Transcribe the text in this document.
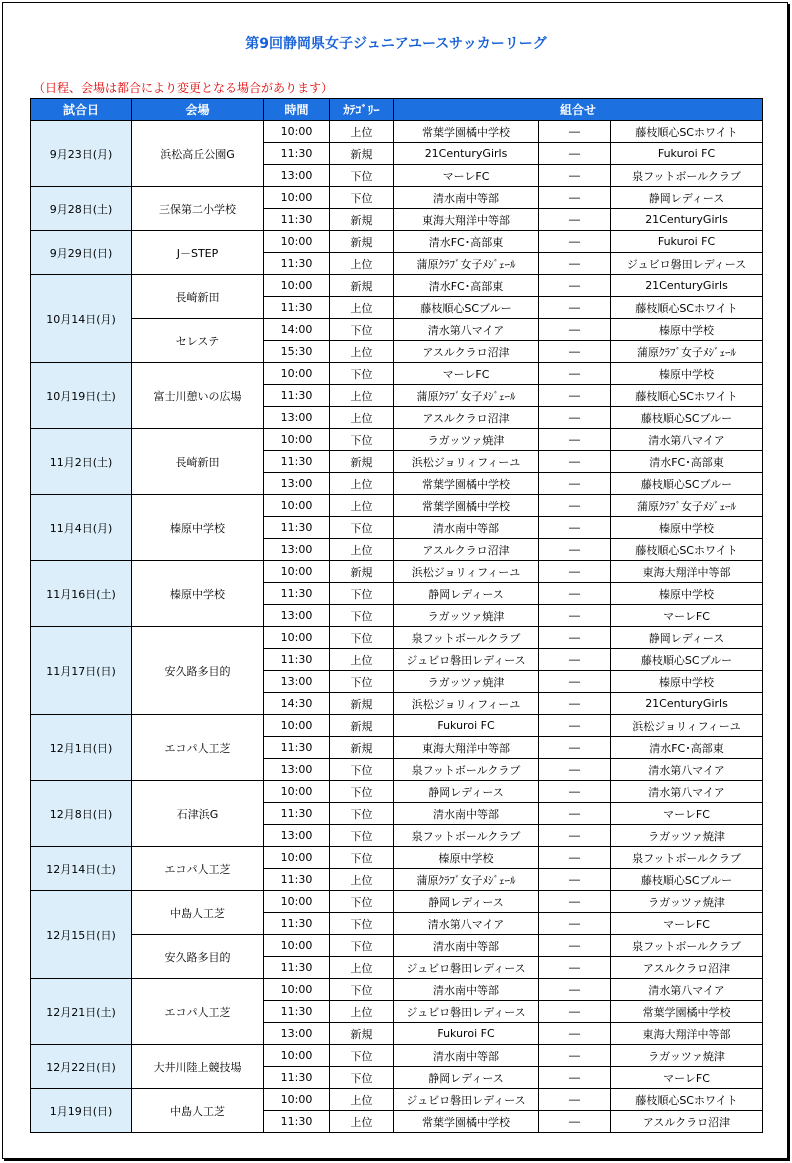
第9回静岡県女子ジュニアユースサッカーリーグ
（日程、会場は都合により変更となる場合があります）
試合日	会場	時間	ｶﾃｺﾞﾘｰ	組合せ		
9月23日(月)	浜松高丘公園G	10:00	上位	常葉学園橘中学校	―	藤枝順心SCホワイト
		11:30	新規	21CenturyGirls	―	Fukuroi FC
		13:00	下位	マーレFC	―	泉フットボールクラブ
9月28日(土)	三保第二小学校	10:00	下位	清水南中等部	―	静岡レディース
		11:30	新規	東海大翔洋中等部	―	21CenturyGirls
9月29日(日)	J－STEP	10:00	新規	清水FC･高部東	―	Fukuroi FC
		11:30	上位	蒲原ｸﾗﾌﾞ女子ﾒｼﾞｪｰﾙ	―	ジュビロ磐田レディース
10月14日(月)	長崎新田	10:00	新規	清水FC･高部東	―	21CenturyGirls
		11:30	上位	藤枝順心SCブルー	―	藤枝順心SCホワイト
	セレステ	14:00	下位	清水第八マイア	―	榛原中学校
		15:30	上位	アスルクラロ沼津	―	蒲原ｸﾗﾌﾞ女子ﾒｼﾞｪｰﾙ
10月19日(土)	富士川憩いの広場	10:00	下位	マーレFC	―	榛原中学校
		11:30	上位	蒲原ｸﾗﾌﾞ女子ﾒｼﾞｪｰﾙ	―	藤枝順心SCホワイト
		13:00	上位	アスルクラロ沼津	―	藤枝順心SCブルー
11月2日(土)	長崎新田	10:00	下位	ラガッツァ焼津	―	清水第八マイア
		11:30	新規	浜松ジョリィフィーユ	―	清水FC･高部東
		13:00	上位	常葉学園橘中学校	―	藤枝順心SCブルー
11月4日(月)	榛原中学校	10:00	上位	常葉学園橘中学校	―	蒲原ｸﾗﾌﾞ女子ﾒｼﾞｪｰﾙ
		11:30	下位	清水南中等部	―	榛原中学校
		13:00	上位	アスルクラロ沼津	―	藤枝順心SCホワイト
11月16日(土)	榛原中学校	10:00	新規	浜松ジョリィフィーユ	―	東海大翔洋中等部
		11:30	下位	静岡レディース	―	榛原中学校
		13:00	下位	ラガッツァ焼津	―	マーレFC
11月17日(日)	安久路多目的	10:00	下位	泉フットボールクラブ	―	静岡レディース
		11:30	上位	ジュビロ磐田レディース	―	藤枝順心SCブルー
		13:00	下位	ラガッツァ焼津	―	榛原中学校
		14:30	新規	浜松ジョリィフィーユ	―	21CenturyGirls
12月1日(日)	エコパ人工芝	10:00	新規	Fukuroi FC	―	浜松ジョリィフィーユ
		11:30	新規	東海大翔洋中等部	―	清水FC･高部東
		13:00	下位	泉フットボールクラブ	―	清水第八マイア
12月8日(日)	石津浜G	10:00	下位	静岡レディース	―	清水第八マイア
		11:30	下位	清水南中等部	―	マーレFC
		13:00	下位	泉フットボールクラブ	―	ラガッツァ焼津
12月14日(土)	エコパ人工芝	10:00	下位	榛原中学校	―	泉フットボールクラブ
		11:30	上位	蒲原ｸﾗﾌﾞ女子ﾒｼﾞｪｰﾙ	―	藤枝順心SCブルー
12月15日(日)	中島人工芝	10:00	下位	静岡レディース	―	ラガッツァ焼津
		11:30	下位	清水第八マイア	―	マーレFC
	安久路多目的	10:00	下位	清水南中等部	―	泉フットボールクラブ
		11:30	上位	ジュビロ磐田レディース	―	アスルクラロ沼津
12月21日(土)	エコパ人工芝	10:00	下位	清水南中等部	―	清水第八マイア
		11:30	上位	ジュビロ磐田レディース	―	常葉学園橘中学校
		13:00	新規	Fukuroi FC	―	東海大翔洋中等部
12月22日(日)	大井川陸上競技場	10:00	下位	清水南中等部	―	ラガッツァ焼津
		11:30	下位	静岡レディース	―	マーレFC
1月19日(日)	中島人工芝	10:00	上位	ジュビロ磐田レディース	―	藤枝順心SCホワイト
		11:30	上位	常葉学園橘中学校	―	アスルクラロ沼津
